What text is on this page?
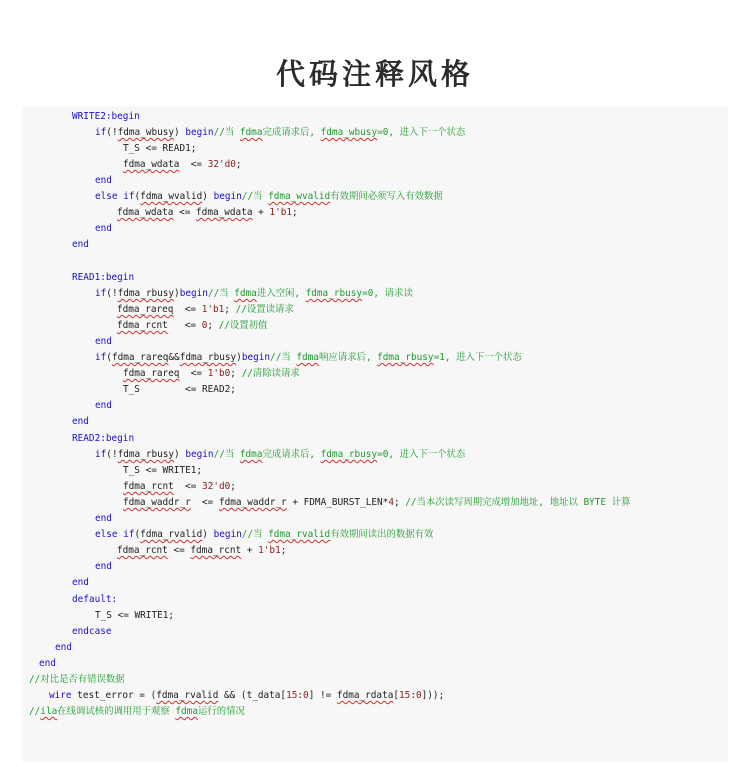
代码注释风格
WRITE2:begin
if(!fdma_wbusy) begin//当 fdma完成请求后, fdma_wbusy=0, 进入下一个状态
T_S <= READ1;
fdma_wdata  <= 32'd0;
end
else if(fdma_wvalid) begin//当 fdma_wvalid有效期间必须写入有效数据
fdma_wdata <= fdma_wdata + 1'b1;
end
end
READ1:begin
if(!fdma_rbusy)begin//当 fdma进入空闲, fdma_rbusy=0, 请求读
fdma_rareq  <= 1'b1; //设置读请求
fdma_rcnt   <= 0; //设置初值
end
if(fdma_rareq&&fdma_rbusy)begin//当 fdma响应请求后, fdma_rbusy=1, 进入下一个状态
fdma_rareq  <= 1'b0; //清除读请求
T_S        <= READ2;
end
end
READ2:begin
if(!fdma_rbusy) begin//当 fdma完成请求后, fdma_rbusy=0, 进入下一个状态
T_S <= WRITE1;
fdma_rcnt  <= 32'd0;
fdma_waddr_r  <= fdma_waddr_r + FDMA_BURST_LEN*4; //当本次读写周期完成增加地址, 地址以 BYTE 计算
end
else if(fdma_rvalid) begin//当 fdma_rvalid有效期间读出的数据有效
fdma_rcnt <= fdma_rcnt + 1'b1;
end
end
default:
T_S <= WRITE1;
endcase
end
end
//对比是否有错误数据
wire test_error = (fdma_rvalid && (t_data[15:0] != fdma_rdata[15:0]));
//ila在线调试核的调用用于观察 fdma运行的情况
